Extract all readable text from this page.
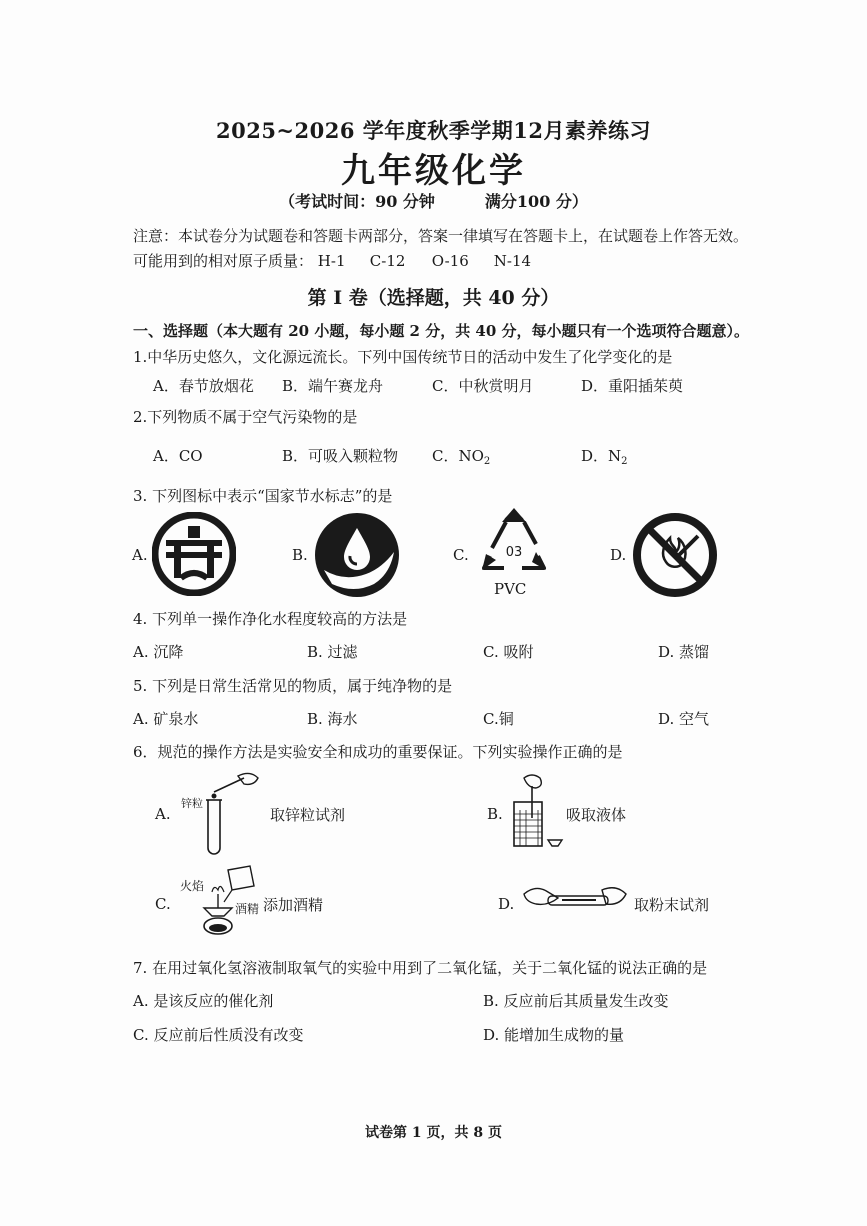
2025~2026 学年度秋季学期12月素养练习
九年级化学
（考试时间：90 分钟	满分100 分）
注意：本试卷分为试题卷和答题卡两部分，答案一律填写在答题卡上，在试题卷上作答无效。
可能用到的相对原子质量： H-1 C-12 O-16 N-14
第 I 卷（选择题，共 40 分）
一、选择题（本大题有 20 小题，每小题 2 分，共 40 分，每小题只有一个选项符合题意）。
1.中华历史悠久，文化源远流长。下列中国传统节日的活动中发生了化学变化的是
A．春节放烟花 B．端午赛龙舟	C．中秋赏明月	D．重阳插茱萸
2.下列物质不属于空气污染物的是
A．CO	B．可吸入颗粒物 C．$NO_2$	D．$N_2$
3. 下列图标中表示“国家节水标志”的是
A.	B.	C.	D.
03
PVC
4. 下列单一操作净化水程度较高的方法是
A. 沉降	B. 过滤	C. 吸附	D. 蒸馏
5. 下列是日常生活常见的物质，属于纯净物的是
A. 矿泉水	B. 海水	C.铜	D. 空气
6．规范的操作方法是实验安全和成功的重要保证。下列实验操作正确的是
A.
锌粒
取锌粒试剂	B.	吸取液体
C.
火焰
酒精 添加酒精	D.	取粉末试剂
7. 在用过氧化氢溶液制取氧气的实验中用到了二氧化锰，关于二氧化锰的说法正确的是
A. 是该反应的催化剂	B. 反应前后其质量发生改变
C. 反应前后性质没有改变	D. 能增加生成物的量
试卷第 1 页，共 8 页
